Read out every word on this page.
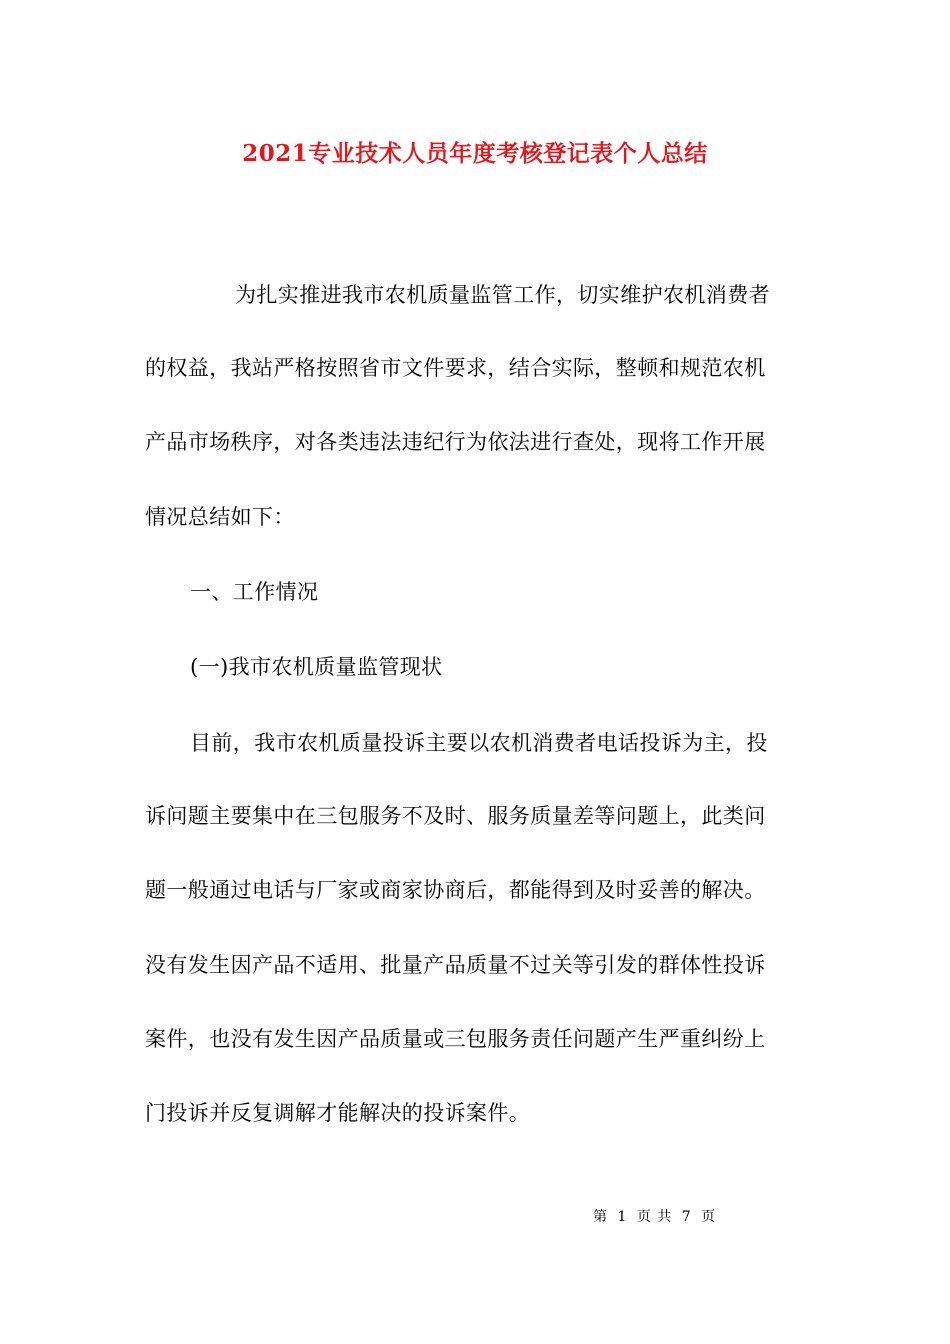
2021专业技术人员年度考核登记表个人总结
为扎实推进我市农机质量监管工作，切实维护农机消费者
的权益，我站严格按照省市文件要求，结合实际，整顿和规范农机
产品市场秩序，对各类违法违纪行为依法进行查处，现将工作开展
情况总结如下：
一、工作情况
(一)我市农机质量监管现状
目前，我市农机质量投诉主要以农机消费者电话投诉为主，投
诉问题主要集中在三包服务不及时、服务质量差等问题上，此类问
题一般通过电话与厂家或商家协商后，都能得到及时妥善的解决。
没有发生因产品不适用、批量产品质量不过关等引发的群体性投诉
案件，也没有发生因产品质量或三包服务责任问题产生严重纠纷上
门投诉并反复调解才能解决的投诉案件。
第 1 页 共 7 页
